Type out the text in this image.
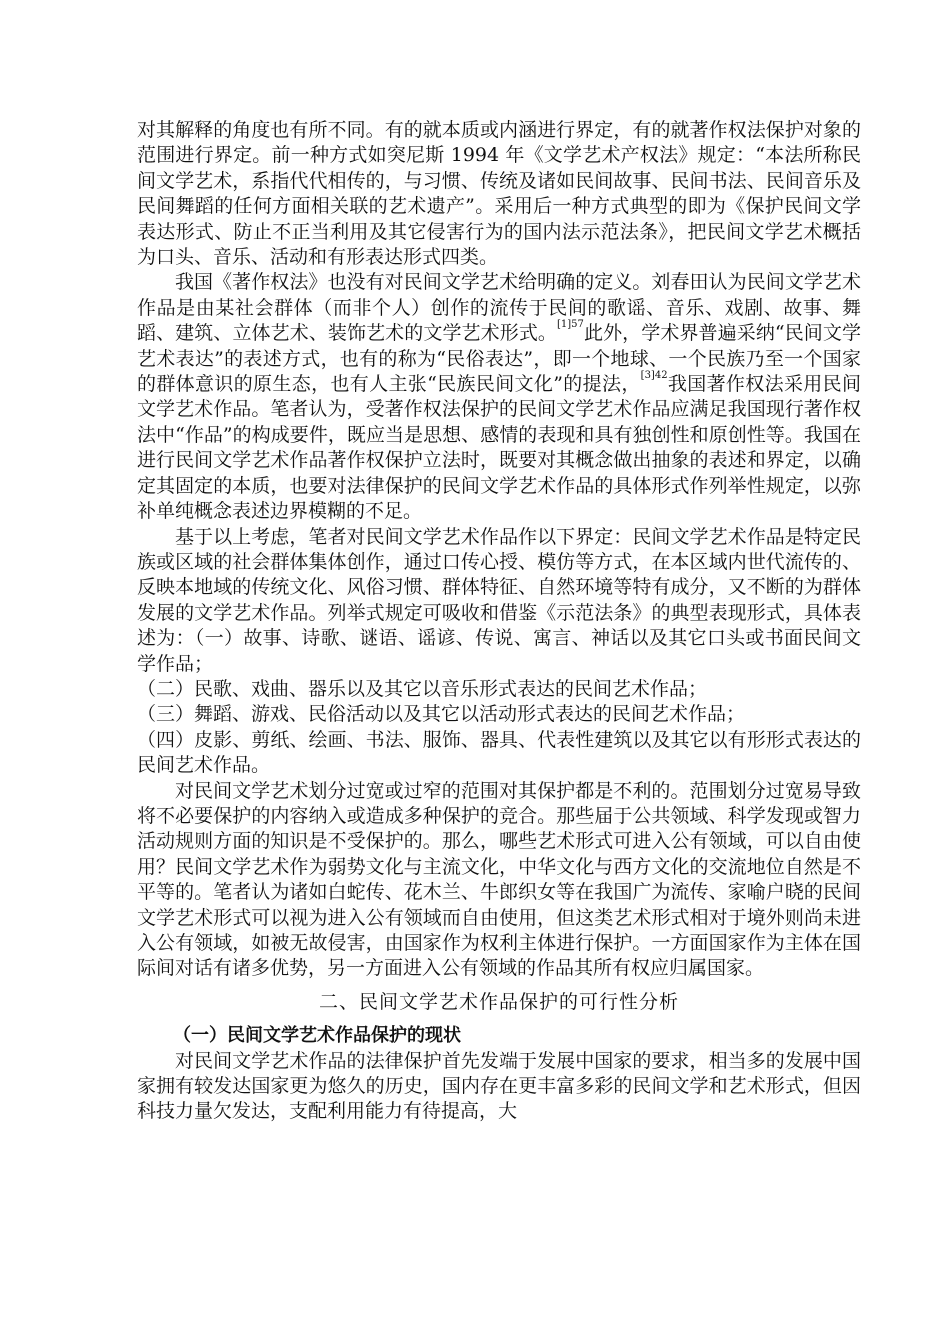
对其解释的角度也有所不同。有的就本质或内涵进行界定，有的就著作权法保护对象的范围进行界定。前一种方式如突尼斯 1994 年《文学艺术产权法》规定：“本法所称民间文学艺术，系指代代相传的，与习惯、传统及诸如民间故事、民间书法、民间音乐及民间舞蹈的任何方面相关联的艺术遗产”。采用后一种方式典型的即为《保护民间文学表达形式、防止不正当利用及其它侵害行为的国内法示范法条》，把民间文学艺术概括为口头、音乐、活动和有形表达形式四类。

我国《著作权法》也没有对民间文学艺术给明确的定义。刘春田认为民间文学艺术作品是由某社会群体（而非个人）创作的流传于民间的歌谣、音乐、戏剧、故事、舞蹈、建筑、立体艺术、装饰艺术的文学艺术形式。$^{[1]57}$此外，学术界普遍采纳“民间文学艺术表达”的表述方式，也有的称为“民俗表达”，即一个地球、一个民族乃至一个国家的群体意识的原生态，也有人主张“民族民间文化”的提法，$^{[3]42}$我国著作权法采用民间文学艺术作品。笔者认为，受著作权法保护的民间文学艺术作品应满足我国现行著作权法中“作品”的构成要件，既应当是思想、感情的表现和具有独创性和原创性等。我国在进行民间文学艺术作品著作权保护立法时，既要对其概念做出抽象的表述和界定，以确定其固定的本质，也要对法律保护的民间文学艺术作品的具体形式作列举性规定，以弥补单纯概念表述边界模糊的不足。

基于以上考虑，笔者对民间文学艺术作品作以下界定：民间文学艺术作品是特定民族或区域的社会群体集体创作，通过口传心授、模仿等方式，在本区域内世代流传的、反映本地域的传统文化、风俗习惯、群体特征、自然环境等特有成分，又不断的为群体发展的文学艺术作品。列举式规定可吸收和借鉴《示范法条》的典型表现形式，具体表述为：（一）故事、诗歌、谜语、谣谚、传说、寓言、神话以及其它口头或书面民间文学作品；

（二）民歌、戏曲、器乐以及其它以音乐形式表达的民间艺术作品；

（三）舞蹈、游戏、民俗活动以及其它以活动形式表达的民间艺术作品；

（四）皮影、剪纸、绘画、书法、服饰、器具、代表性建筑以及其它以有形形式表达的民间艺术作品。

对民间文学艺术划分过宽或过窄的范围对其保护都是不利的。范围划分过宽易导致将不必要保护的内容纳入或造成多种保护的竞合。那些届于公共领域、科学发现或智力活动规则方面的知识是不受保护的。那么，哪些艺术形式可进入公有领域，可以自由使用？民间文学艺术作为弱势文化与主流文化，中华文化与西方文化的交流地位自然是不平等的。笔者认为诸如白蛇传、花木兰、牛郎织女等在我国广为流传、家喻户晓的民间文学艺术形式可以视为进入公有领域而自由使用，但这类艺术形式相对于境外则尚未进入公有领域，如被无故侵害，由国家作为权利主体进行保护。一方面国家作为主体在国际间对话有诸多优势，另一方面进入公有领域的作品其所有权应归属国家。

二、民间文学艺术作品保护的可行性分析

（一）民间文学艺术作品保护的现状

对民间文学艺术作品的法律保护首先发端于发展中国家的要求，相当多的发展中国家拥有较发达国家更为悠久的历史，国内存在更丰富多彩的民间文学和艺术形式，但因科技力量欠发达，支配利用能力有待提高，大
